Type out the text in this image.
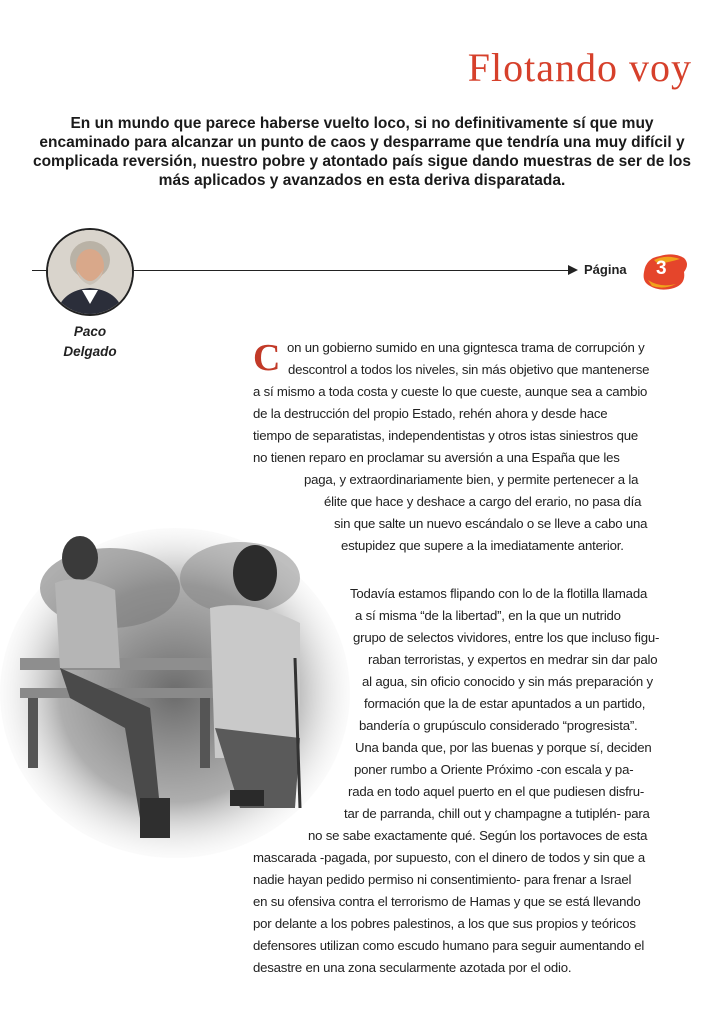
Flotando voy

En un mundo que parece haberse vuelto loco, si no definitivamente sí que muy encaminado para alcanzar un punto de caos y desparrame que tendría una muy difícil y complicada reversión, nuestro pobre y atontado país sigue dando muestras de ser de los más aplicados y avanzados en esta deriva disparatada.

Página 3
Paco
Delgado	C on un gobierno sumido en una gigntesca trama de corrupción y
descontrol a todos los niveles, sin más objetivo que mantenerse
a sí mismo a toda costa y cueste lo que cueste, aunque sea a cambio
de la destrucción del propio Estado, rehén ahora y desde hace
tiempo de separatistas, independentistas y otros istas siniestros que
no tienen reparo en proclamar su aversión a una España que les
paga, y extraordinariamente bien, y permite pertenecer a la
élite que hace y deshace a cargo del erario, no pasa día
sin que salte un nuevo escándalo o se lleve a cabo una
estupidez que supere a la imediatamente anterior.
Todavía estamos flipando con lo de la flotilla llamada
a sí misma “de la libertad”, en la que un nutrido
grupo de selectos vividores, entre los que incluso figu-
raban terroristas, y expertos en medrar sin dar palo
al agua, sin oficio conocido y sin más preparación y
formación que la de estar apuntados a un partido,
bandería o grupúsculo considerado “progresista”.
Una banda que, por las buenas y porque sí, deciden
poner rumbo a Oriente Próximo -con escala y pa-
rada en todo aquel puerto en el que pudiesen disfru-
tar de parranda, chill out y champagne a tutiplén- para
no se sabe exactamente qué. Según los portavoces de esta
mascarada -pagada, por supuesto, con el dinero de todos y sin que a
nadie hayan pedido permiso ni consentimiento- para frenar a Israel
en su ofensiva contra el terrorismo de Hamas y que se está llevando
por delante a los pobres palestinos, a los que sus propios y teóricos
defensores utilizan como escudo humano para seguir aumentando el
desastre en una zona secularmente azotada por el odio.
